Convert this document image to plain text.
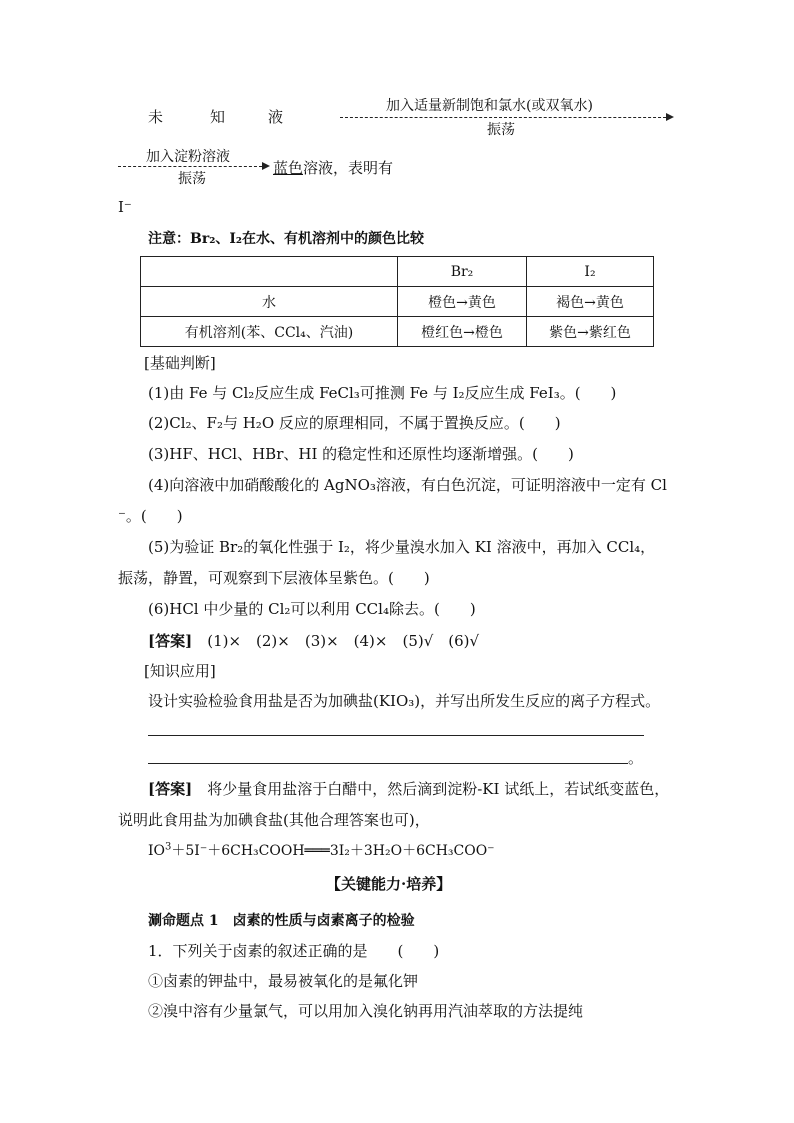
未	知	液
加入适量新制饱和氯水(或双氧水)
振荡
加入淀粉溶液
振荡
蓝色溶液，表明有
I⁻
注意：Br₂、I₂在水、有机溶剂中的颜色比较
	Br₂	I₂
水	橙色→黄色	褐色→黄色
有机溶剂(苯、CCl₄、汽油)	橙红色→橙色	紫色→紫红色
[基础判断]
(1)由 Fe 与 Cl₂反应生成 FeCl₃可推测 Fe 与 I₂反应生成 FeI₃。(　　)
(2)Cl₂、F₂与 H₂O 反应的原理相同，不属于置换反应。(　　)
(3)HF、HCl、HBr、HI 的稳定性和还原性均逐渐增强。(　　)
(4)向溶液中加硝酸酸化的 AgNO₃溶液，有白色沉淀，可证明溶液中一定有 Cl
⁻。(　　)
(5)为验证 Br₂的氧化性强于 I₂，将少量溴水加入 KI 溶液中，再加入 CCl₄，
振荡，静置，可观察到下层液体呈紫色。(　　)
(6)HCl 中少量的 Cl₂可以利用 CCl₄除去。(　　)
[答案]　 (1)×　(2)×　(3)×　(4)×　(5)√　(6)√
[知识应用]
设计实验检验食用盐是否为加碘盐(KIO₃)，并写出所发生反应的离子方程式。
。
[答案]　 将少量食用盐溶于白醋中，然后滴到淀粉-KI 试纸上，若试纸变蓝色，
说明此食用盐为加碘食盐(其他合理答案也可)，
$IO^3+5I^-+6CH_3COOH═══3I_2+3H_2O+6CH_3COO^-$
【关键能力·培养】
涮命题点 1　卤素的性质与卤素离子的检验
1．下列关于卤素的叙述正确的是　　(　　)
①卤素的钾盐中，最易被氧化的是氟化钾
②溴中溶有少量氯气，可以用加入溴化钠再用汽油萃取的方法提纯
